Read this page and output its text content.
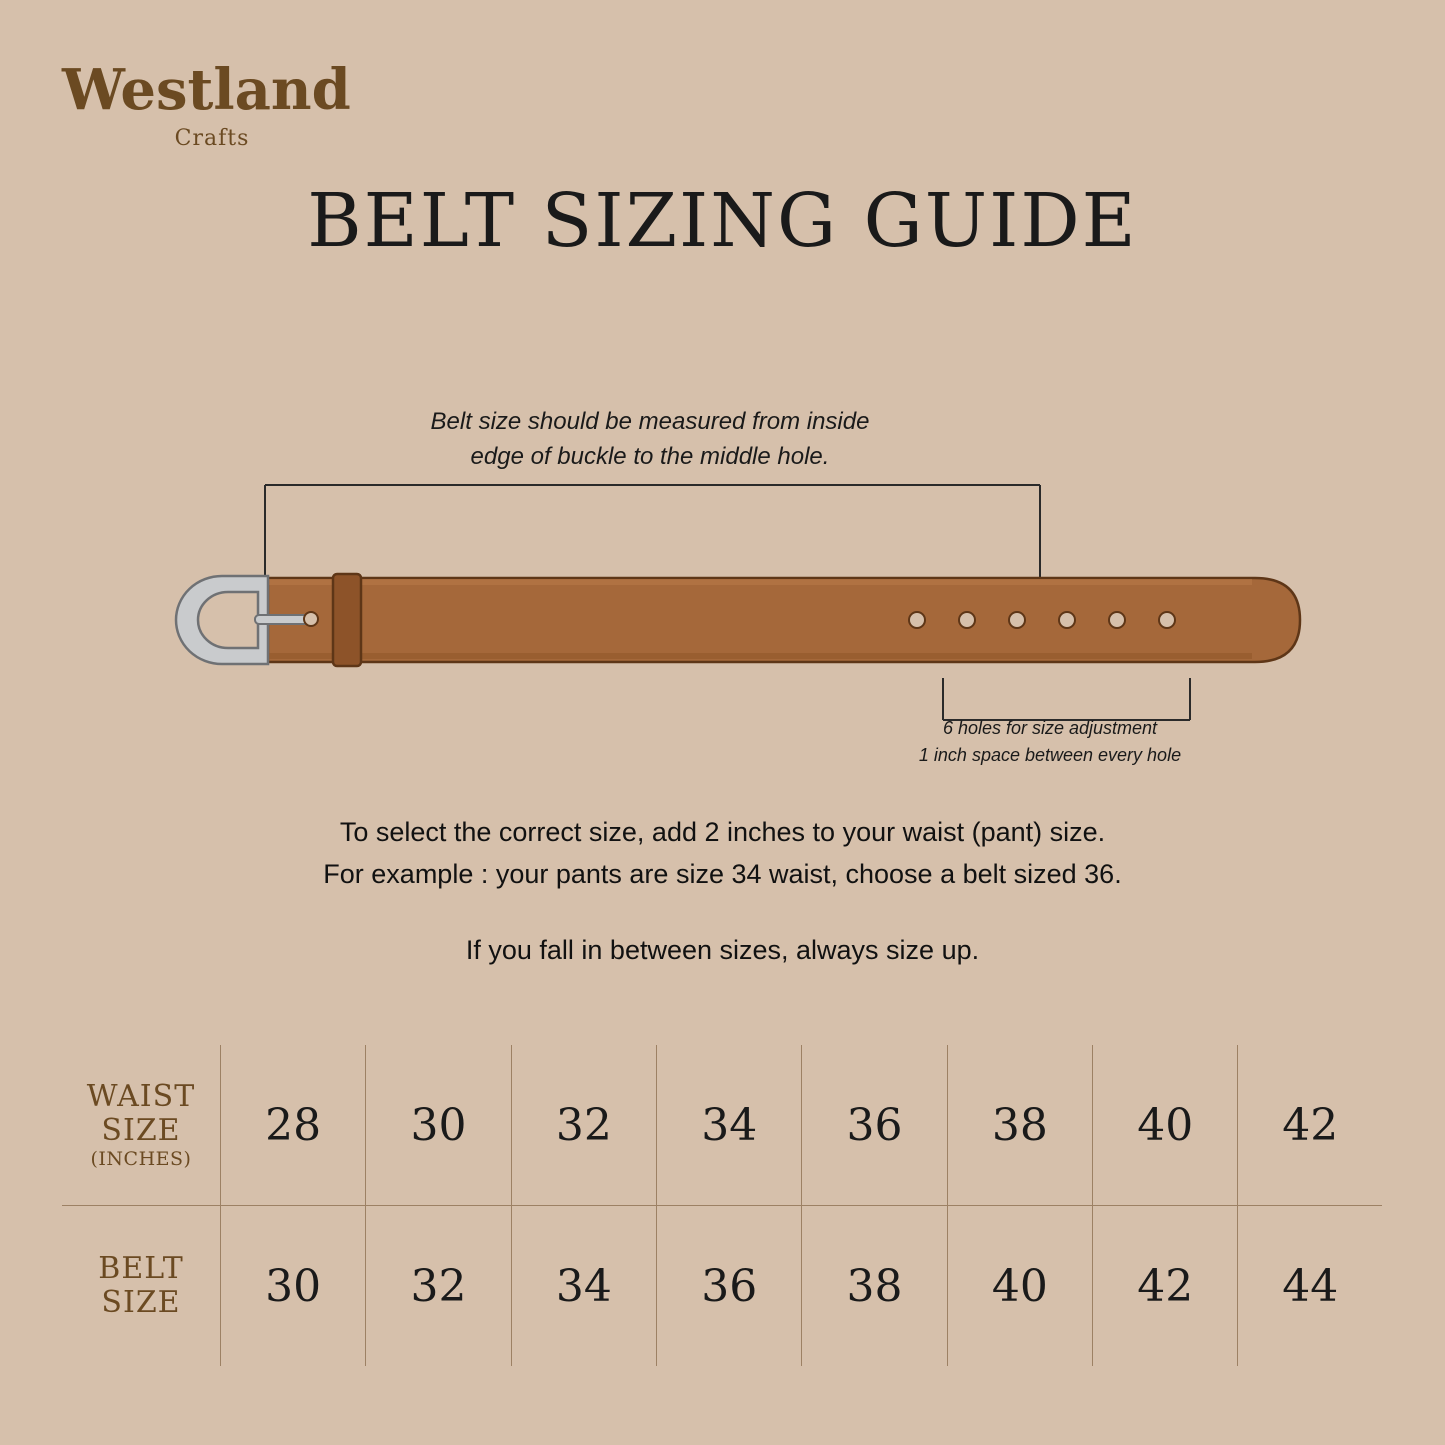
Westland
Crafts
BELT SIZING GUIDE
Belt size should be measured from inside
edge of buckle to the middle hole.
6 holes for size adjustment
1 inch space between every hole
To select the correct size, add 2 inches to your waist (pant) size.
For example : your pants are size 34 waist, choose a belt sized 36.
If you fall in between sizes, always size up.
WAIST
SIZE
(INCHES)	28	30	32	34	36	38	40	42

BELT
SIZE	30	32	34	36	38	40	42	44
